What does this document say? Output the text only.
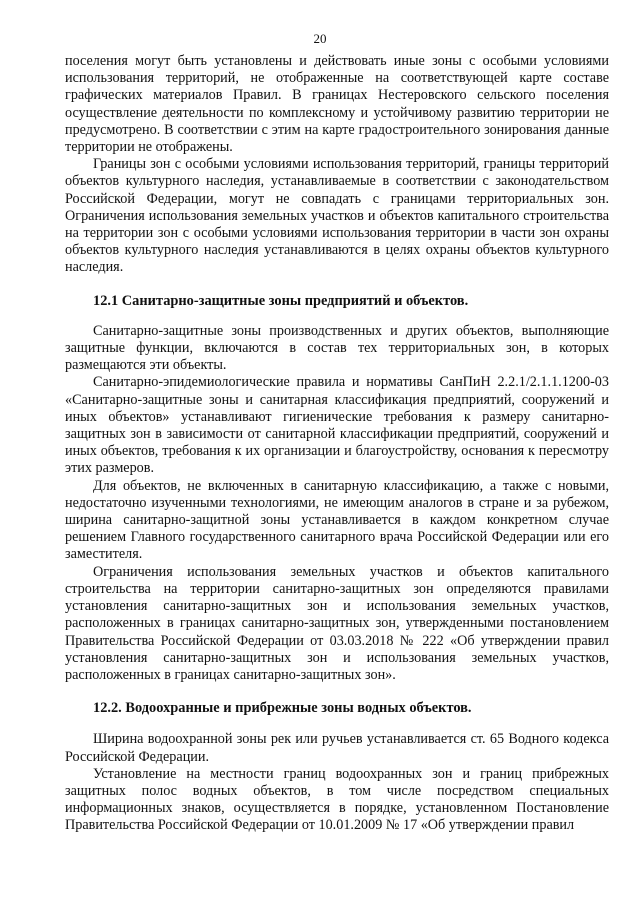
20

поселения могут быть установлены и действовать иные зоны с особыми условиями использования территорий, не отображенные на соответствующей карте составе графических материалов Правил. В границах Нестеровского сельского поселения осуществление деятельности по комплексному и устойчивому развитию территории не предусмотрено. В соответствии с этим на карте градостроительного зонирования данные территории не отображены.

Границы зон с особыми условиями использования территорий, границы территорий объектов культурного наследия, устанавливаемые в соответствии с законодательством Российской Федерации, могут не совпадать с границами территориальных зон. Ограничения использования земельных участков и объектов капитального строительства на территории зон с особыми условиями использования территории в части зон охраны объектов культурного наследия устанавливаются в целях охраны объектов культурного наследия.

12.1 Санитарно-защитные зоны предприятий и объектов.

Санитарно-защитные зоны производственных и других объектов, выполняющие защитные функции, включаются в состав тех территориальных зон, в которых размещаются эти объекты.

Санитарно-эпидемиологические правила и нормативы СанПиН 2.2.1/2.1.1.1200-03 «Санитарно-защитные зоны и санитарная классификация предприятий, сооружений и иных объектов» устанавливают гигиенические требования к размеру санитарно-защитных зон в зависимости от санитарной классификации предприятий, сооружений и иных объектов, требования к их организации и благоустройству, основания к пересмотру этих размеров.

Для объектов, не включенных в санитарную классификацию, а также с новыми, недостаточно изученными технологиями, не имеющим аналогов в стране и за рубежом, ширина санитарно-защитной зоны устанавливается в каждом конкретном случае решением Главного государственного санитарного врача Российской Федерации или его заместителя.

Ограничения использования земельных участков и объектов капитального строительства на территории санитарно-защитных зон определяются правилами установления санитарно-защитных зон и использования земельных участков, расположенных в границах санитарно-защитных зон, утвержденными постановлением Правительства Российской Федерации от 03.03.2018 № 222 «Об утверждении правил установления санитарно-защитных зон и использования земельных участков, расположенных в границах санитарно-защитных зон».

12.2. Водоохранные и прибрежные зоны водных объектов.

Ширина водоохранной зоны рек или ручьев устанавливается ст. 65 Водного кодекса Российской Федерации.

Установление на местности границ водоохранных зон и границ прибрежных защитных полос водных объектов, в том числе посредством специальных информационных знаков, осуществляется в порядке, установленном Постановление Правительства Российской Федерации от 10.01.2009 № 17 «Об утверждении правил
